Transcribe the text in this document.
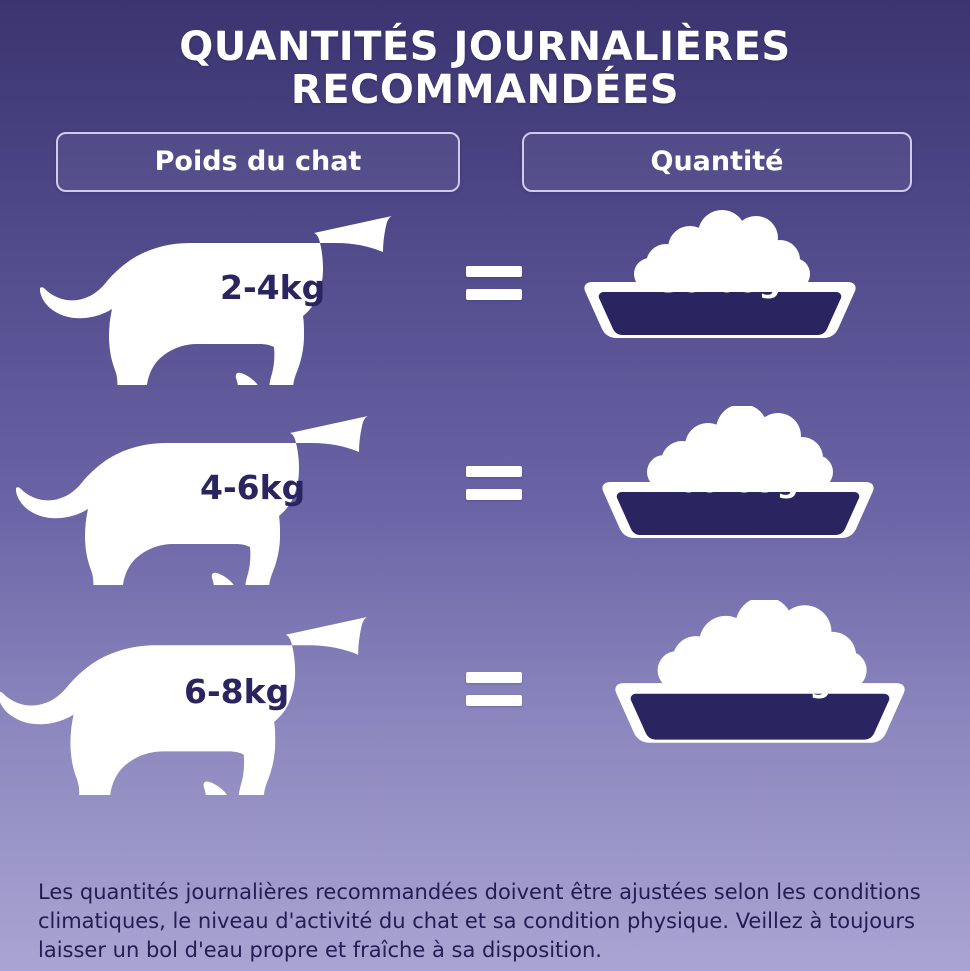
QUANTITÉS JOURNALIÈRES
RECOMMANDÉES
Poids du chat	Quantité
2-4kg	30-60g
4-6kg	60-85g
6-8kg	85-115g
Les quantités journalières recommandées doivent être ajustées selon les conditions climatiques, le niveau d'activité du chat et sa condition physique. Veillez à toujours laisser un bol d'eau propre et fraîche à sa disposition.
